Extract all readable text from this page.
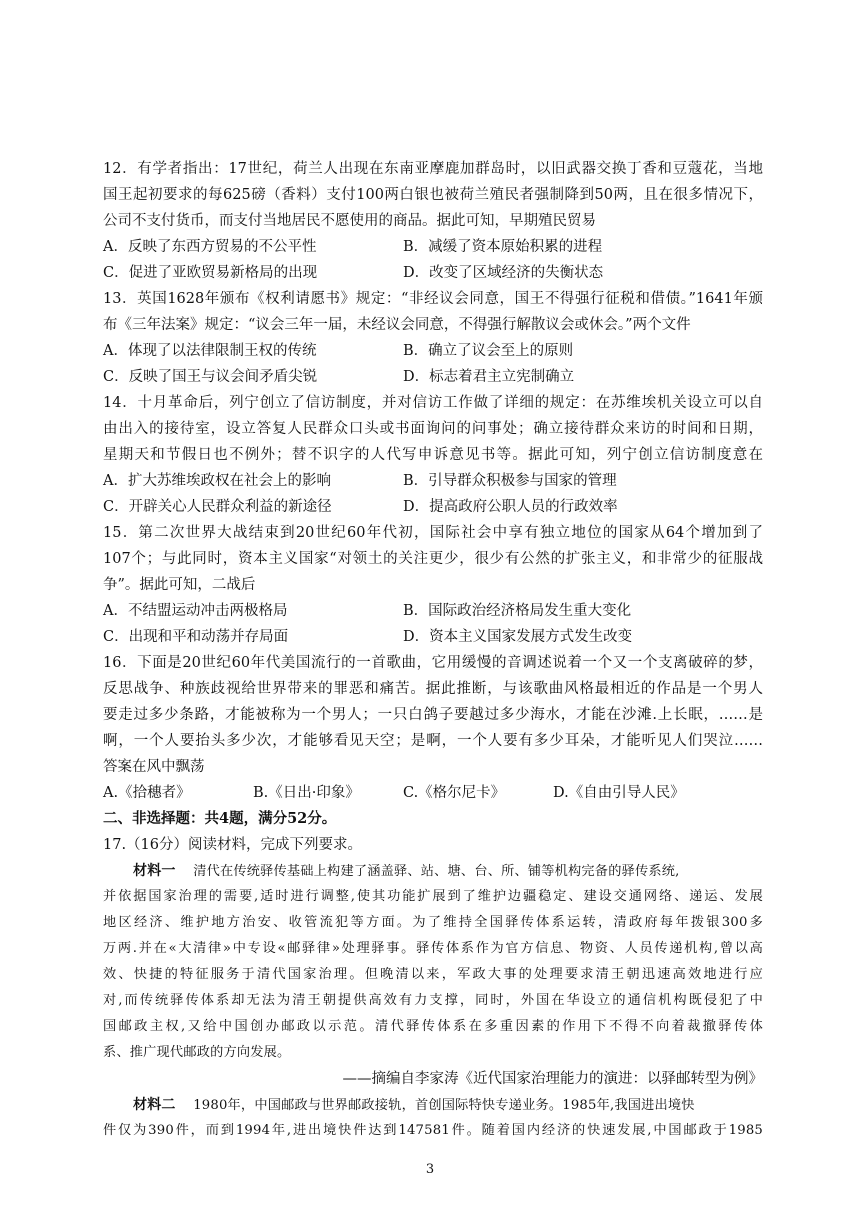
12．有学者指出：17世纪，荷兰人出现在东南亚摩鹿加群岛时，以旧武器交换丁香和豆蔻花，当地
国王起初要求的每625磅（香料）支付100两白银也被荷兰殖民者强制降到50两，且在很多情况下，
公司不支付货币，而支付当地居民不愿使用的商品。据此可知，早期殖民贸易
A．反映了东西方贸易的不公平性	B．减缓了资本原始积累的进程
C．促进了亚欧贸易新格局的出现	D．改变了区域经济的失衡状态
13．英国1628年颁布《权利请愿书》规定：“非经议会同意，国王不得强行征税和借债。”1641年颁
布《三年法案》规定：“议会三年一届，未经议会同意，不得强行解散议会或休会。”两个文件
A．体现了以法律限制王权的传统	B．确立了议会至上的原则
C．反映了国王与议会间矛盾尖锐	D．标志着君主立宪制确立
14．十月革命后，列宁创立了信访制度，并对信访工作做了详细的规定：在苏维埃机关设立可以自
由出入的接待室，设立答复人民群众口头或书面询问的问事处；确立接待群众来访的时间和日期，
星期天和节假日也不例外；替不识字的人代写申诉意见书等。据此可知，列宁创立信访制度意在
A．扩大苏维埃政权在社会上的影响	B．引导群众积极参与国家的管理
C．开辟关心人民群众利益的新途径	D．提高政府公职人员的行政效率
15．第二次世界大战结束到20世纪60年代初，国际社会中享有独立地位的国家从64个增加到了
107个；与此同时，资本主义国家“对领土的关注更少，很少有公然的扩张主义，和非常少的征服战
争”。据此可知，二战后
A．不结盟运动冲击两极格局	B．国际政治经济格局发生重大变化
C．出现和平和动荡并存局面	D．资本主义国家发展方式发生改变
16．下面是20世纪60年代美国流行的一首歌曲，它用缓慢的音调述说着一个又一个支离破碎的梦，
反思战争、种族歧视给世界带来的罪恶和痛苦。据此推断，与该歌曲风格最相近的作品是一个男人
要走过多少条路，才能被称为一个男人；一只白鸽子要越过多少海水，才能在沙滩.上长眠，……是
啊，一个人要抬头多少次，才能够看见天空；是啊，一个人要有多少耳朵，才能听见人们哭泣……
答案在风中飘荡
A.《拾穗者》	B.《日出·印象》	C.《格尔尼卡》	D.《自由引导人民》
二、非选择题：共4题，满分52分。
17.（16分）阅读材料，完成下列要求。
材料一 清代在传统驿传基础上构建了涵盖驿、站、塘、台、所、铺等机构完备的驿传系统,
并依据国家治理的需要,适时进行调整,使其功能扩展到了维护边疆稳定、建设交通网络、递运、发展
地区经济、维护地方治安、收管流犯等方面。为了维持全国驿传体系运转，清政府每年拨银300多
万两.并在«大清律»中专设«邮驿律»处理驿事。驿传体系作为官方信息、物资、人员传递机构,曾以高
效、快捷的特征服务于清代国家治理。但晚清以来，军政大事的处理要求清王朝迅速高效地进行应
对,而传统驿传体系却无法为清王朝提供高效有力支撑，同时，外国在华设立的通信机构既侵犯了中
国邮政主权,又给中国创办邮政以示范。清代驿传体系在多重因素的作用下不得不向着裁撤驿传体
系、推广现代邮政的方向发展。
——摘编自李家涛《近代国家治理能力的演进：以驿邮转型为例》
材料二 1980年，中国邮政与世界邮政接轨，首创国际特快专递业务。1985年,我国进出境快
件仅为390件，而到1994年,进出境快件达到147581件。随着国内经济的快速发展,中国邮政于1985
3
